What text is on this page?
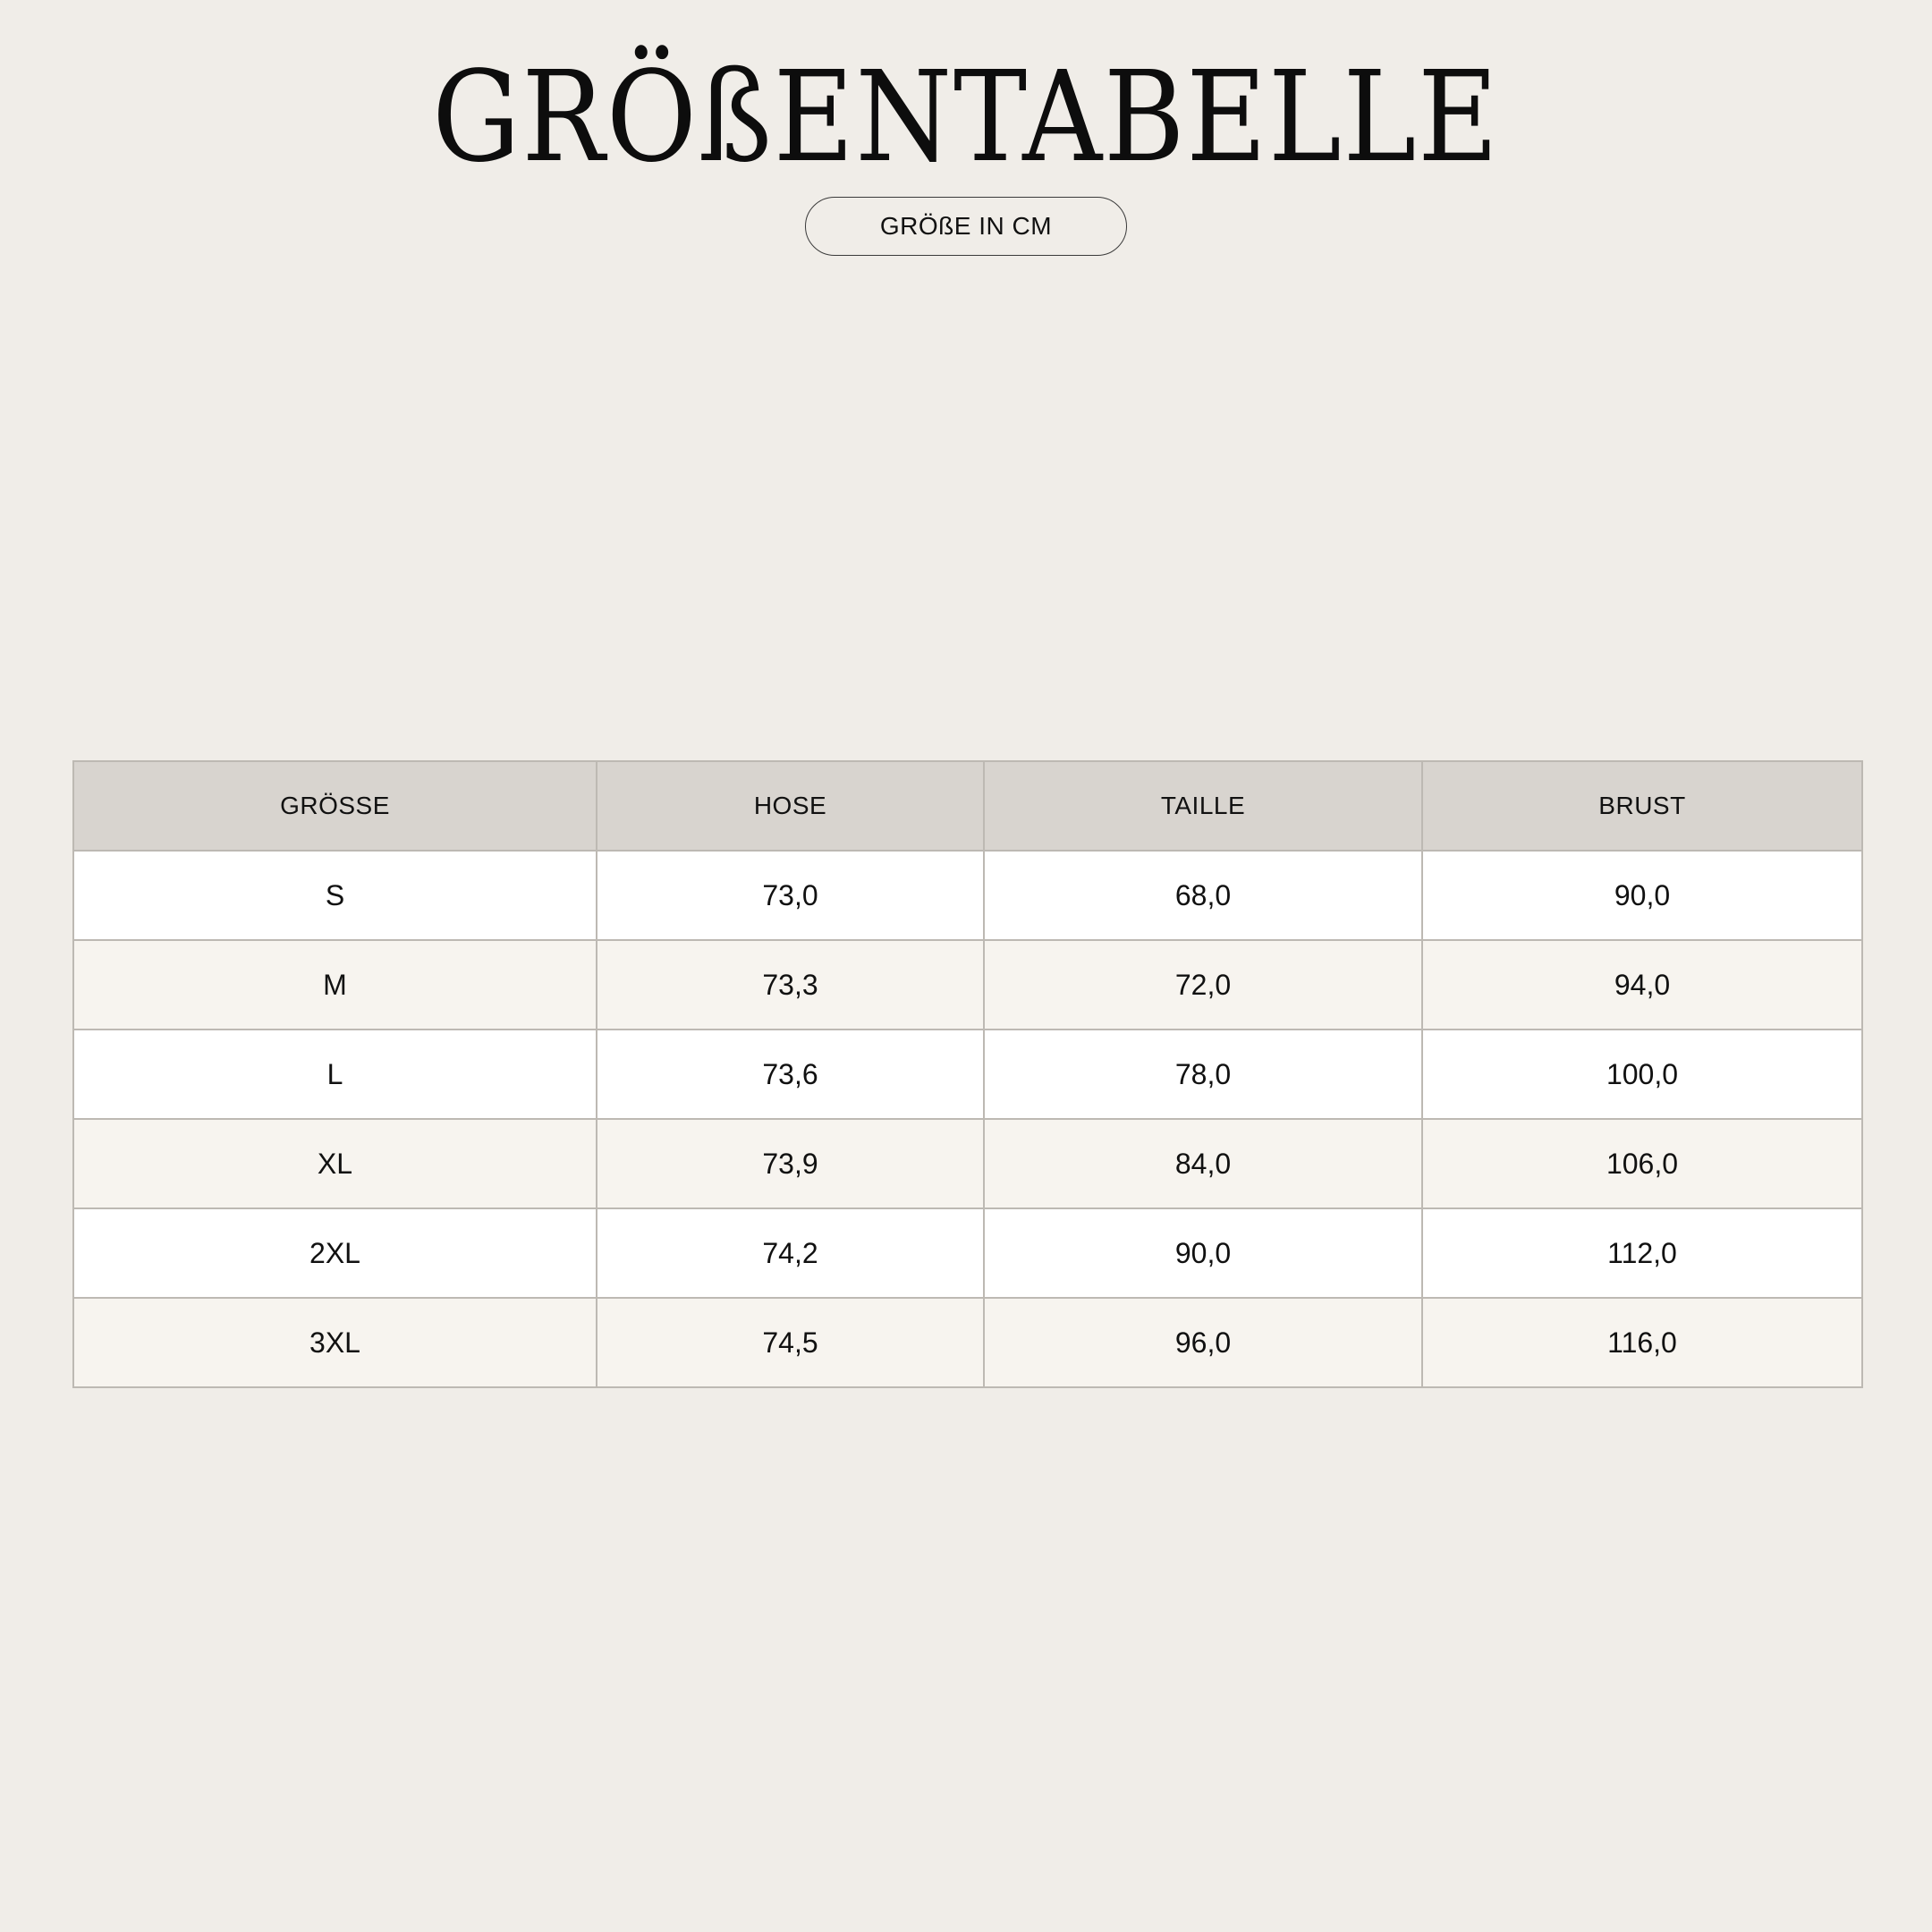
GRÖßENTABELLE
GRÖßE IN CM
GRÖSSE	HOSE	TAILLE	BRUST
S	73,0	68,0	90,0
M	73,3	72,0	94,0
L	73,6	78,0	100,0
XL	73,9	84,0	106,0
2XL	74,2	90,0	112,0
3XL	74,5	96,0	116,0
